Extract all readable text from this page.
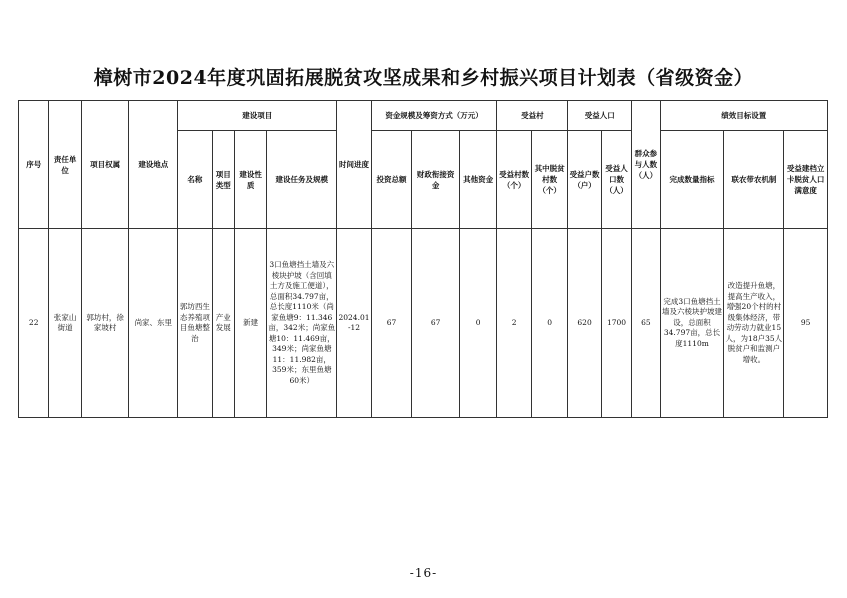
樟树市2024年度巩固拓展脱贫攻坚成果和乡村振兴项目计划表（省级资金）
序号	责任单位	项目权属	建设地点	建设项目				时间进度	资金规模及筹资方式（万元）			受益村		受益人口		群众参与人数（人）	绩效目标设置		
				名称	项目类型	建设性质	建设任务及规模		投资总额	财政衔接资金	其他资金	受益村数（个）	其中脱贫村数（个）	受益户数（户）	受益人口数（人）		完成数量指标	联农带农机制	受益建档立卡脱贫人口满意度
22	张家山街道	郭坊村，徐家坡村	尚家、东里	郭坊西生态养殖项目鱼塘整治	产业发展	新建	3口鱼塘挡土墙及六棱块护坡（含回填土方及施工便道），总面积34.797亩，总长度1110米（尚家鱼塘9：11.346亩，342米；尚家鱼塘10：11.469亩，349米；尚家鱼塘11：11.982亩，359米；东里鱼塘60米）	2024.01-12	67	67	0	2	0	620	1700	65	完成3口鱼塘挡土墙及六棱块护坡建设，总面积34.797亩，总长度1110m	改造提升鱼塘，提高生产收入，增强20个村的村级集体经济，带动劳动力就业15人，为18户35人脱贫户和监测户增收。	95
-16-
